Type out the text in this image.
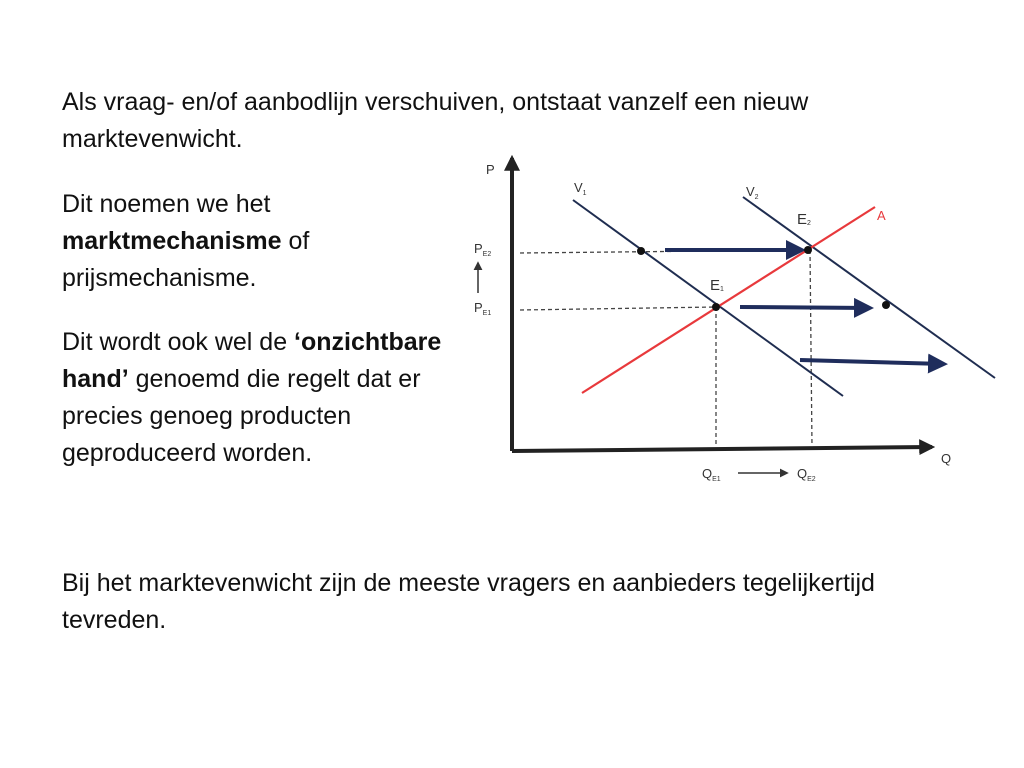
Als vraag- en/of aanbodlijn verschuiven, ontstaat vanzelf een nieuw marktevenwicht.

Dit noemen we het marktmechanisme of prijsmechanisme.

Dit wordt ook wel de ‘onzichtbare hand’ genoemd die regelt dat er precies genoeg producten geproduceerd worden.

Bij het marktevenwicht zijn de meeste vragers en aanbieders tegelijkertijd tevreden.

P
Q
$V_1$	$V_2$
A
E1
E2
$P_{E2}$
$P_{E1}$
$Q_{E1}$	$Q_{E2}$
